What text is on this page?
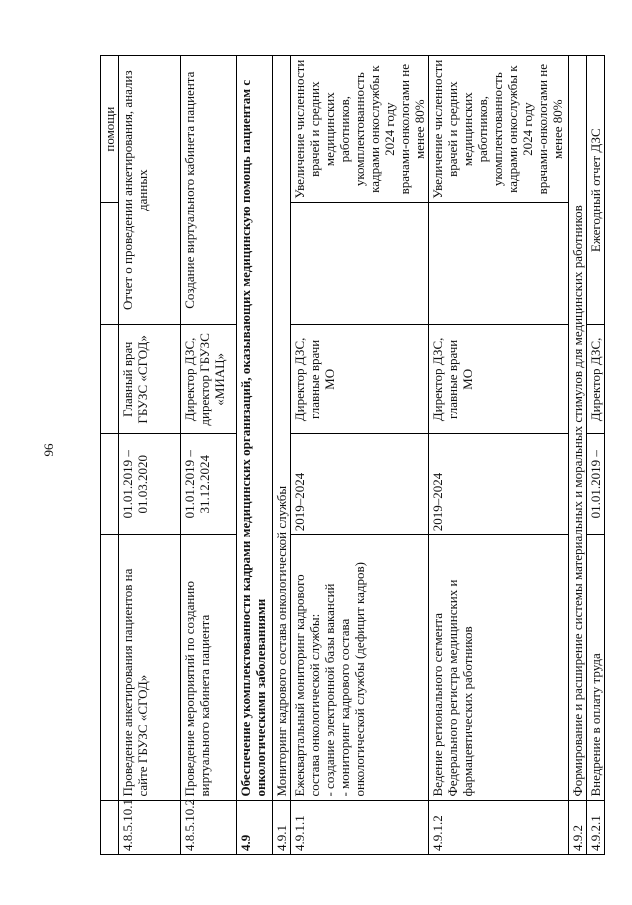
96
					помощи
4.8.5.10.1	Проведение анкетирования пациентов на сайте ГБУЗС «СГОД»	01.01.2019 – 01.03.2020	Главный врач ГБУЗС «СГОД»	Отчет о проведении анкетирования, анализ данных	
4.8.5.10.2	Проведение мероприятий по созданию виртуального кабинета пациента	01.01.2019 – 31.12.2024	Директор ДЗС, директор ГБУЗС «МИАЦ»	Создание виртуального кабинета пациента	
4.9	Обеспечение укомплектованности кадрами медицинских организаций, оказывающих медицинскую помощь пациентам с онкологическими заболеваниями				
4.9.1	Мониторинг кадрового состава онкологической службы				
4.9.1.1	Ежеквартальный мониторинг кадрового состава онкологической службы: - создание электронной базы вакансий - мониторинг кадрового состава онкологической службы (дефицит кадров)	2019–2024	Директор ДЗС, главные врачи МО		Увеличение численности врачей и средних медицинских работников, укомплектованность кадрами онкослужбы к 2024 году врачами-онкологами не менее 80%

4.9.1.2	Ведение регионального сегмента Федерального регистра медицинских и фармацевтических работников	2019–2024	Директор ДЗС, главные врачи МО		Увеличение численности врачей и средних медицинских работников, укомплектованность кадрами онкослужбы к 2024 году врачами-онкологами не менее 80%

4.9.2	Формирование и расширение системы материальных и моральных стимулов для медицинских работников				
4.9.2.1	Внедрение в оплату труда	01.01.2019 –	Директор ДЗС,	Ежегодный отчет ДЗС	
